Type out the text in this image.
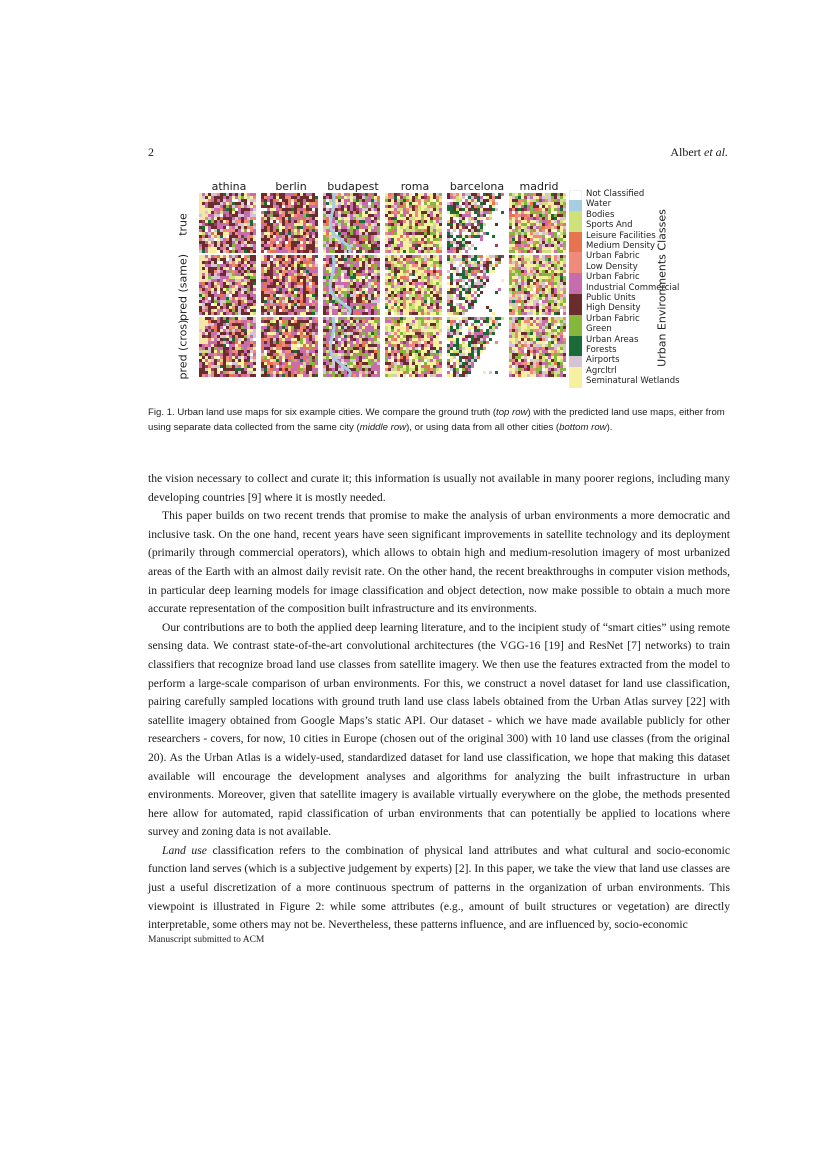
2	Albert et al.
athina	berlin	budapest	roma	barcelona	madrid
true
pred (same)
pred (cros)
Not Classified
Water
Bodies
Sports And
Leisure Facilities
Medium Density
Urban Fabric
Low Density
Urban Fabric
Industrial Commercial
Public Units
High Density
Urban Fabric
Green
Urban Areas
Forests
Airports
Agrcltrl
Seminatural Wetlands
Urban Environments Classes
Fig. 1. Urban land use maps for six example cities. We compare the ground truth (top row) with the predicted land use maps, either from using separate data collected from the same city (middle row), or using data from all other cities (bottom row).

the vision necessary to collect and curate it; this information is usually not available in many poorer regions, including many developing countries [9] where it is mostly needed.

This paper builds on two recent trends that promise to make the analysis of urban environments a more democratic and inclusive task. On the one hand, recent years have seen significant improvements in satellite technology and its deployment (primarily through commercial operators), which allows to obtain high and medium-resolution imagery of most urbanized areas of the Earth with an almost daily revisit rate. On the other hand, the recent breakthroughs in computer vision methods, in particular deep learning models for image classification and object detection, now make possible to obtain a much more accurate representation of the composition built infrastructure and its environments.

Our contributions are to both the applied deep learning literature, and to the incipient study of “smart cities” using remote sensing data. We contrast state-of-the-art convolutional architectures (the VGG-16 [19] and ResNet [7] networks) to train classifiers that recognize broad land use classes from satellite imagery. We then use the features extracted from the model to perform a large-scale comparison of urban environments. For this, we construct a novel dataset for land use classification, pairing carefully sampled locations with ground truth land use class labels obtained from the Urban Atlas survey [22] with satellite imagery obtained from Google Maps’s static API. Our dataset - which we have made available publicly for other researchers - covers, for now, 10 cities in Europe (chosen out of the original 300) with 10 land use classes (from the original 20). As the Urban Atlas is a widely-used, standardized dataset for land use classification, we hope that making this dataset available will encourage the development analyses and algorithms for analyzing the built infrastructure in urban environments. Moreover, given that satellite imagery is available virtually everywhere on the globe, the methods presented here allow for automated, rapid classification of urban environments that can potentially be applied to locations where survey and zoning data is not available.

Land use classification refers to the combination of physical land attributes and what cultural and socio-economic function land serves (which is a subjective judgement by experts) [2]. In this paper, we take the view that land use classes are just a useful discretization of a more continuous spectrum of patterns in the organization of urban environments. This viewpoint is illustrated in Figure 2: while some attributes (e.g., amount of built structures or vegetation) are directly interpretable, some others may not be. Nevertheless, these patterns influence, and are influenced by, socio-economic

Manuscript submitted to ACM
